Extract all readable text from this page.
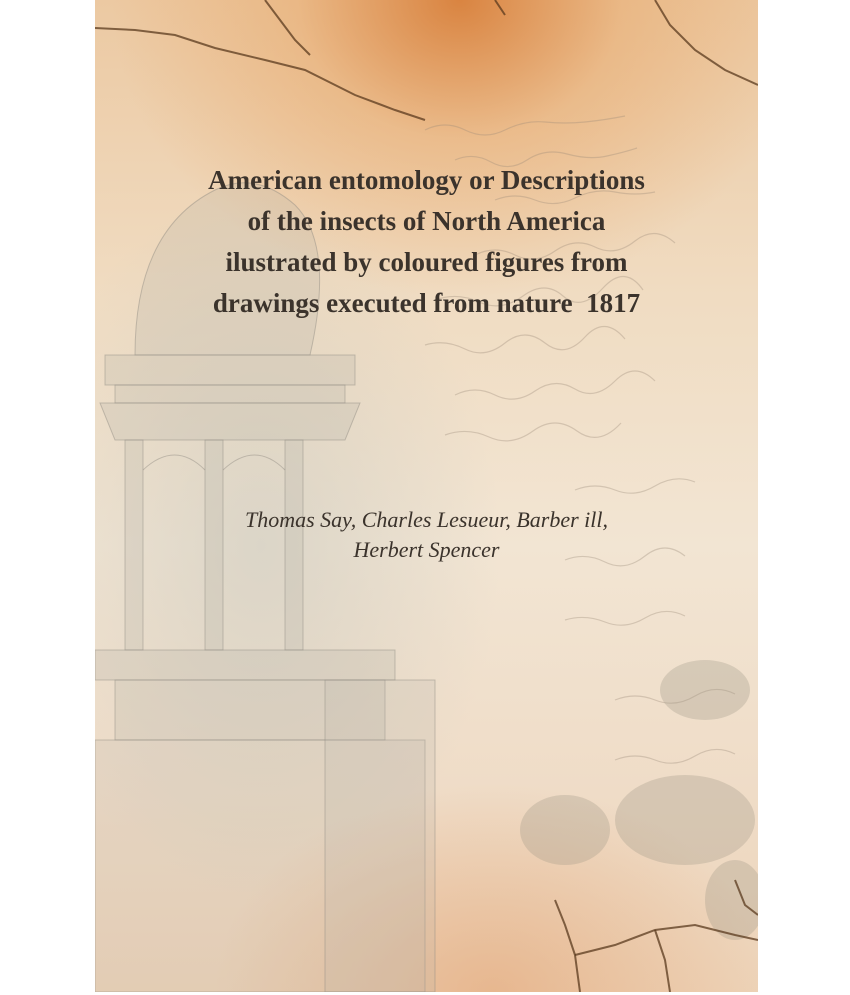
American entomology or Descriptions
of the insects of North America
ilustrated by coloured figures from
drawings executed from nature  1817

Thomas Say, Charles Lesueur, Barber ill,
Herbert Spencer
